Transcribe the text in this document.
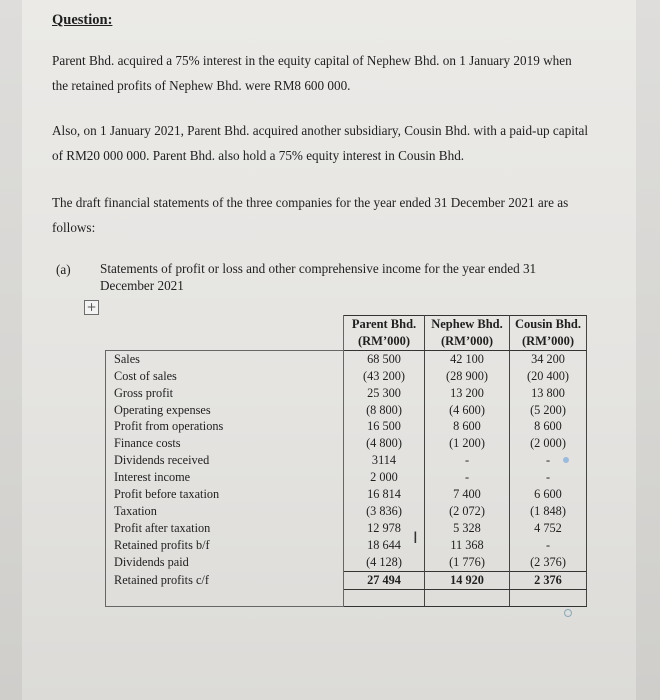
Question:
Parent Bhd. acquired a 75% interest in the equity capital of Nephew Bhd. on 1 January 2019 when the retained profits of Nephew Bhd. were RM8 600 000.
Also, on 1 January 2021, Parent Bhd. acquired another subsidiary, Cousin Bhd. with a paid-up capital of RM20 000 000. Parent Bhd. also hold a 75% equity interest in Cousin Bhd.
The draft financial statements of the three companies for the year ended 31 December 2021 are as follows:
(a) Statements of profit or loss and other comprehensive income for the year ended 31 December 2021
+
	Parent Bhd.	Nephew Bhd.	Cousin Bhd.
	(RM’000)	(RM’000)	(RM’000)
Sales	68 500	42 100	34 200
Cost of sales	(43 200)	(28 900)	(20 400)
Gross profit	25 300	13 200	13 800
Operating expenses	(8 800)	(4 600)	(5 200)
Profit from operations	16 500	8 600	8 600
Finance costs	(4 800)	(1 200)	(2 000)
Dividends received	3114	-	-
Interest income	2 000	-	-
Profit before taxation	16 814	7 400	6 600
Taxation	(3 836)	(2 072)	(1 848)
Profit after taxation	12 978	5 328	4 752
Retained profits b/f	18 644	11 368	-
Dividends paid	(4 128)	(1 776)	(2 376)
Retained profits c/f	27 494	14 920	2 376

I
